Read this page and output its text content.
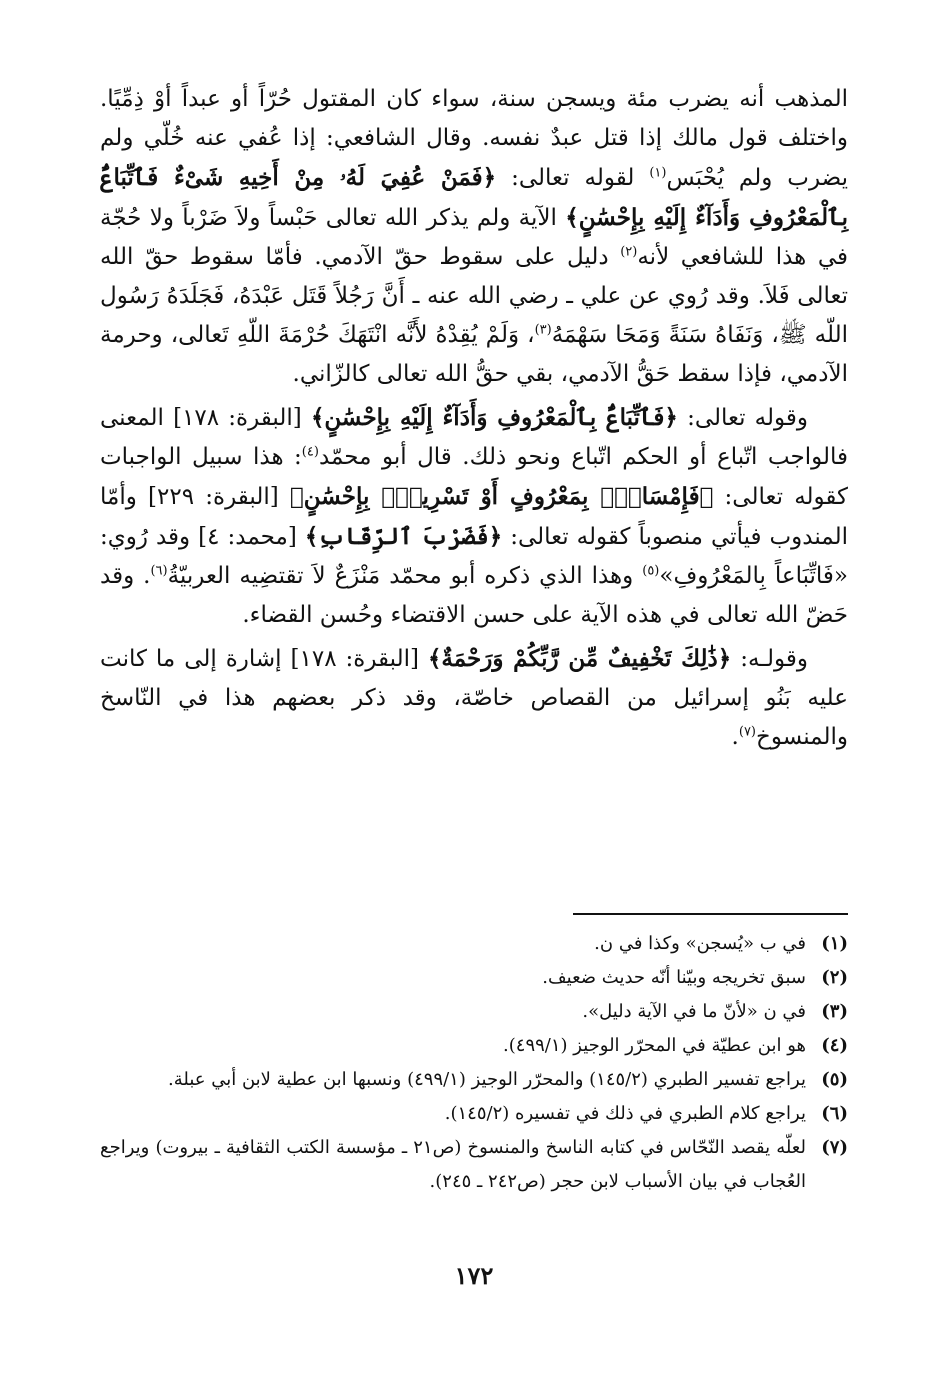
المذهب أنه يضرب مئة ويسجن سنة، سواء كان المقتول حُرّاً أو عبداً أوْ ذِمِّيًا. واختلف قول مالك إذا قتل عبدٌ نفسه. وقال الشافعي: إذا عُفي عنه خُلّي ولم يضرب ولم يُحْبَس$^{(١)}$ لقوله تعالى: ﴿فَمَنْ عُفِيَ لَهُۥ مِنْ أَخِيهِ شَىْءٌ فَٱتِّبَاعٌۢ بِٱلْمَعْرُوفِ وَأَدَآءٌ إِلَيْهِ بِإِحْسَٰنٍ﴾ الآية ولم يذكر الله تعالى حَبْساً ولاَ ضَرْباً ولا حُجّة في هذا للشافعي لأنه$^{(٢)}$ دليل على سقوط حقّ الآدمي. فأمّا سقوط حقّ الله تعالى فَلاَ. وقد رُوي عن علي ـ رضي الله عنه ـ أَنَّ رَجُلاً قَتَل عَبْدَهُ، فَجَلَدَهُ رَسُول اللّه ﷺ، وَنَفَاهُ سَنَةً وَمَحَا سَهْمَهُ$^{(٣)}$، وَلَمْ يُقِدْهُ لأَنَّه انْتَهَكَ حُرْمَةَ اللّهِ تَعالى، وحرمة الآدمي، فإذا سقط حَقُّ الآدمي، بقي حقُّ الله تعالى كالزّاني.

وقوله تعالى: ﴿فَٱتِّبَاعٌۢ بِٱلْمَعْرُوفِ وَأَدَآءٌ إِلَيْهِ بِإِحْسَٰنٍ﴾ [البقرة: ١٧٨] المعنى فالواجب اتّباع أو الحكم اتّباع ونحو ذلك. قال أبو محمّد$^{(٤)}$: هذا سبيل الواجبات كقوله تعالى: ﴿فَإِمْسَاكٌۢ بِمَعْرُوفٍ أَوْ تَسْرِيحٌۢ بِإِحْسَٰنٍ﴾ [البقرة: ٢٢٩] وأمّا المندوب فيأتي منصوباً كقوله تعالى: ﴿فَضَرْبَ ٱلرِّقَابِ﴾ [محمد: ٤] وقد رُوي: «فَاتِّبَاعاً بِالمَعْرُوفِ»$^{(٥)}$ وهذا الذي ذكره أبو محمّد مَنْزَعٌ لاَ تقتضِيه العربيّةُ$^{(٦)}$. وقد حَضّ الله تعالى في هذه الآية على حسن الاقتضاء وحُسن القضاء.

وقولـه: ﴿ذَٰلِكَ تَخْفِيفٌ مِّن رَّبِّكُمْ وَرَحْمَةٌ﴾ [البقرة: ١٧٨] إشارة إلى ما كانت عليه بَنُو إسرائيل من القصاص خاصّة، وقد ذكر بعضهم هذا في النّاسخ والمنسوخ$^{(٧)}$.

(١)
في ب «يُسجن» وكذا في ن.
(٢)
سبق تخريجه وبيّنا أنّه حديث ضعيف.
(٣)
في ن «لأنّ ما في الآية دليل».
(٤)
هو ابن عطيّة في المحرّر الوجيز (٤٩٩/١).
(٥)
يراجع تفسير الطبري (١٤٥/٢) والمحرّر الوجيز (٤٩٩/١) ونسبها ابن عطية لابن أبي عبلة.
(٦)
يراجع كلام الطبري في ذلك في تفسيره (١٤٥/٢).
(٧)
لعلّه يقصد النّحّاس في كتابه الناسخ والمنسوخ (ص٢١ ـ مؤسسة الكتب الثقافية ـ بيروت) ويراجع العُجاب في بيان الأسباب لابن حجر (ص٢٤٢ ـ ٢٤٥).
١٧٢
